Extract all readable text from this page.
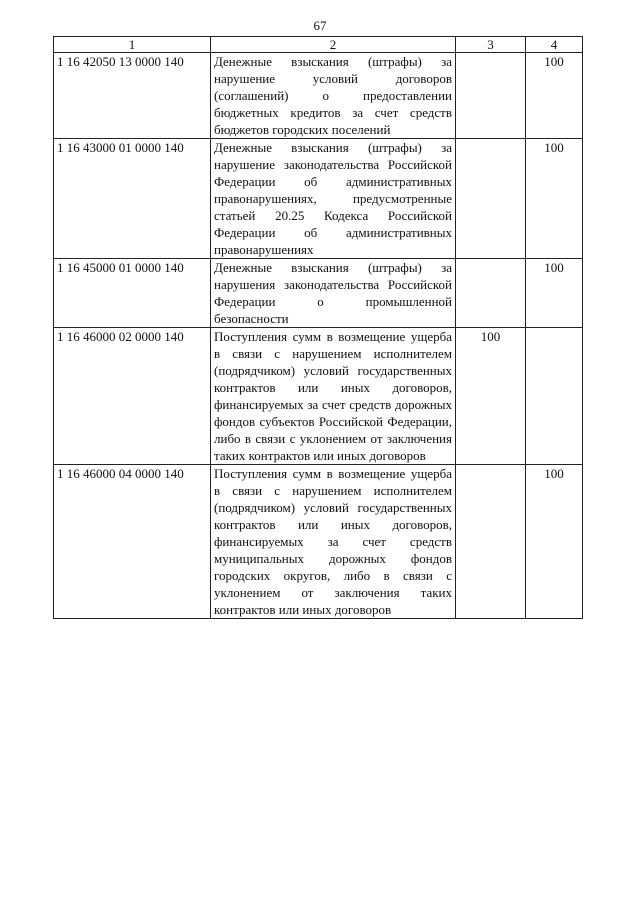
67
1	2	3	4
1 16 42050 13 0000 140	Денежные взыскания (штрафы) за нарушение условий договоров (соглашений) о предоставлении бюджетных кредитов за счет средств бюджетов городских поселений		100
1 16 43000 01 0000 140	Денежные взыскания (штрафы) за нарушение законодательства Российской Федерации об административных правонарушениях, предусмотренные статьей 20.25 Кодекса Российской Федерации об административных правонарушениях		100
1 16 45000 01 0000 140	Денежные взыскания (штрафы) за нарушения законодательства Российской Федерации о промышленной безопасности		100
1 16 46000 02 0000 140	Поступления сумм в возмещение ущерба в связи с нарушением исполнителем (подрядчиком) условий государственных контрактов или иных договоров, финансируемых за счет средств дорожных фондов субъектов Российской Федерации, либо в связи с уклонением от заключения таких контрактов или иных договоров	100	
1 16 46000 04 0000 140	Поступления сумм в возмещение ущерба в связи с нарушением исполнителем (подрядчиком) условий государственных контрактов или иных договоров, финансируемых за счет средств муниципальных дорожных фондов городских округов, либо в связи с уклонением от заключения таких контрактов или иных договоров		100
